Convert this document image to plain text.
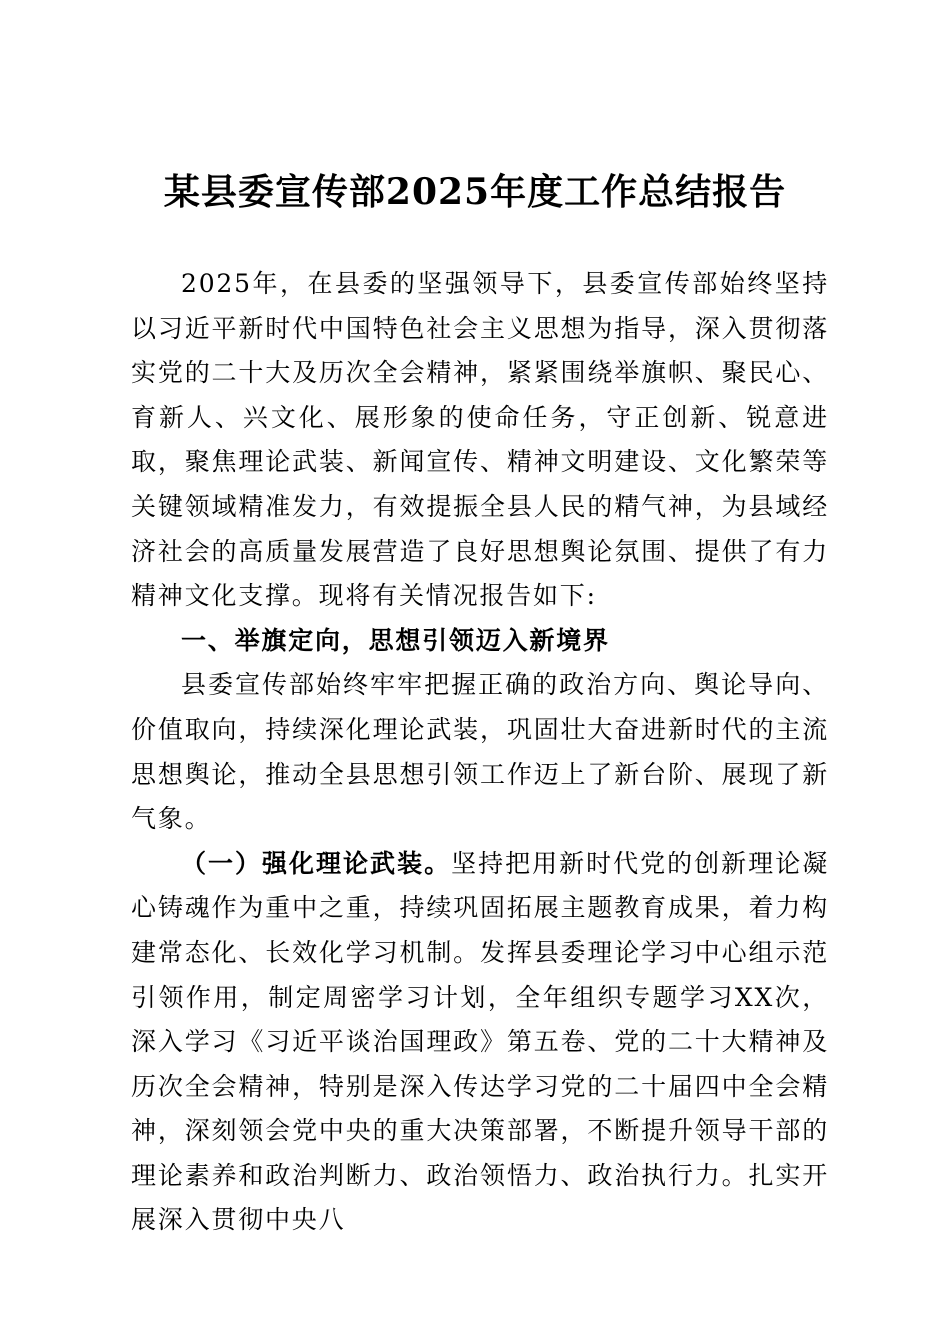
某县委宣传部2025年度工作总结报告

2025年，在县委的坚强领导下，县委宣传部始终坚持以习近平新时代中国特色社会主义思想为指导，深入贯彻落实党的二十大及历次全会精神，紧紧围绕举旗帜、聚民心、育新人、兴文化、展形象的使命任务，守正创新、锐意进取，聚焦理论武装、新闻宣传、精神文明建设、文化繁荣等关键领域精准发力，有效提振全县人民的精气神，为县域经济社会的高质量发展营造了良好思想舆论氛围、提供了有力精神文化支撑。现将有关情况报告如下:

一、举旗定向，思想引领迈入新境界

县委宣传部始终牢牢把握正确的政治方向、舆论导向、价值取向，持续深化理论武装，巩固壮大奋进新时代的主流思想舆论，推动全县思想引领工作迈上了新台阶、展现了新气象。

（一）强化理论武装。坚持把用新时代党的创新理论凝心铸魂作为重中之重，持续巩固拓展主题教育成果，着力构建常态化、长效化学习机制。发挥县委理论学习中心组示范引领作用，制定周密学习计划，全年组织专题学习XX次，深入学习《习近平谈治国理政》第五卷、党的二十大精神及历次全会精神，特别是深入传达学习党的二十届四中全会精神，深刻领会党中央的重大决策部署，不断提升领导干部的理论素养和政治判断力、政治领悟力、政治执行力。扎实开展深入贯彻中央八
